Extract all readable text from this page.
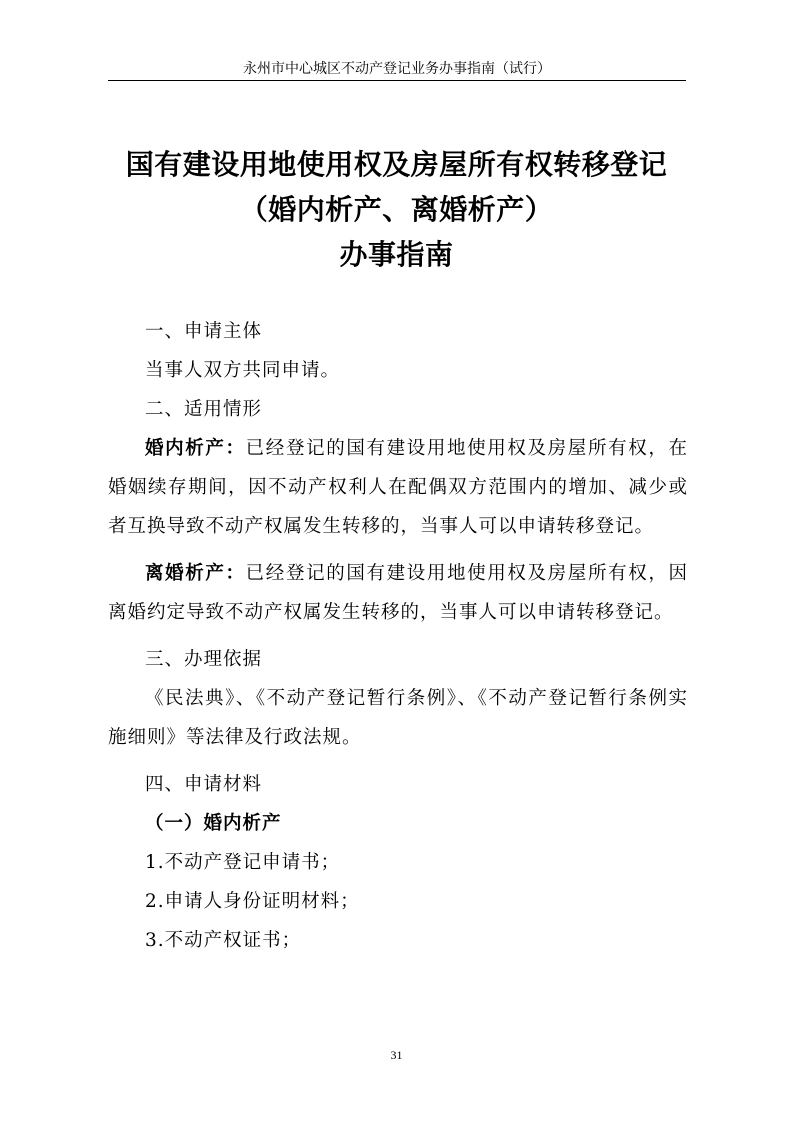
永州市中心城区不动产登记业务办事指南（试行）
国有建设用地使用权及房屋所有权转移登记
（婚内析产、离婚析产）
办事指南

一、申请主体

当事人双方共同申请。

二、适用情形

婚内析产：已经登记的国有建设用地使用权及房屋所有权，在婚姻续存期间，因不动产权利人在配偶双方范围内的增加、减少或者互换导致不动产权属发生转移的，当事人可以申请转移登记。

离婚析产：已经登记的国有建设用地使用权及房屋所有权，因离婚约定导致不动产权属发生转移的，当事人可以申请转移登记。

三、办理依据

《民法典》、《不动产登记暂行条例》、《不动产登记暂行条例实施细则》等法律及行政法规。

四、申请材料

（一）婚内析产

1.不动产登记申请书；

2.申请人身份证明材料；

3.不动产权证书；

31
